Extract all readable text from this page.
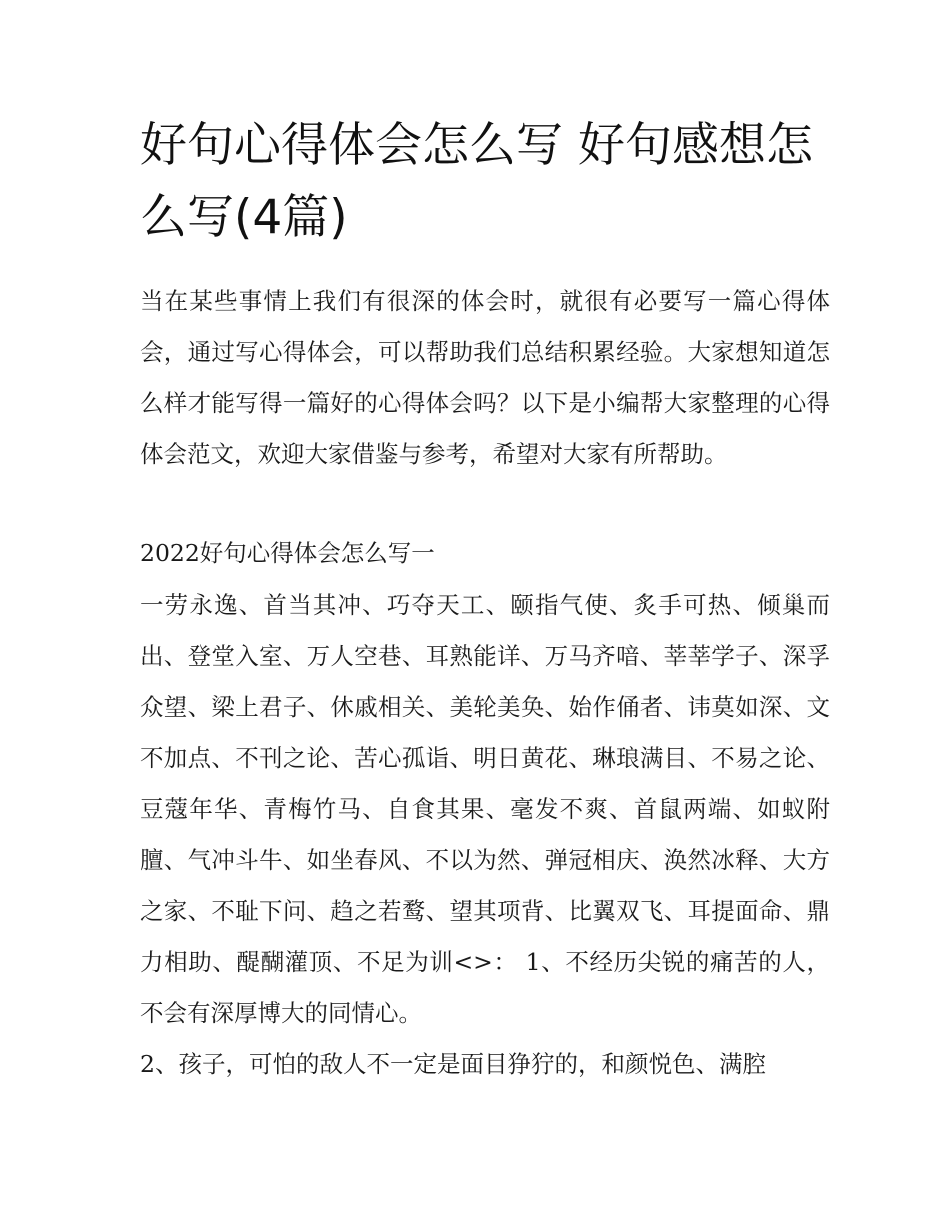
好句心得体会怎么写 好句感想怎么写(4篇)

当在某些事情上我们有很深的体会时，就很有必要写一篇心得体会，通过写心得体会，可以帮助我们总结积累经验。大家想知道怎么样才能写得一篇好的心得体会吗？以下是小编帮大家整理的心得体会范文，欢迎大家借鉴与参考，希望对大家有所帮助。

2022好句心得体会怎么写一

一劳永逸、首当其冲、巧夺天工、颐指气使、炙手可热、倾巢而出、登堂入室、万人空巷、耳熟能详、万马齐喑、莘莘学子、深孚众望、梁上君子、休戚相关、美轮美奂、始作俑者、讳莫如深、文不加点、不刊之论、苦心孤诣、明日黄花、琳琅满目、不易之论、豆蔻年华、青梅竹马、自食其果、毫发不爽、首鼠两端、如蚁附膻、气冲斗牛、如坐春风、不以为然、弹冠相庆、涣然冰释、大方之家、不耻下问、趋之若鹜、望其项背、比翼双飞、耳提面命、鼎力相助、醍醐灌顶、不足为训<>： 1、不经历尖锐的痛苦的人，不会有深厚博大的同情心。

2、孩子，可怕的敌人不一定是面目狰狞的，和颜悦色、满腔
